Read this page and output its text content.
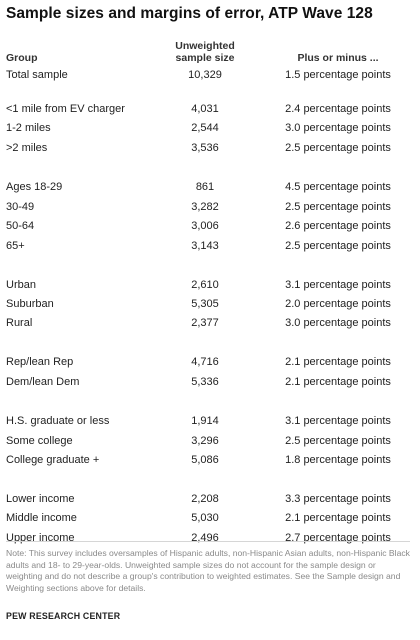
Sample sizes and margins of error, ATP Wave 128
Group
Unweighted
sample size	Plus or minus ...
Total sample	10,329	1.5 percentage points
<1 mile from EV charger	4,031	2.4 percentage points
1-2 miles	2,544	3.0 percentage points
>2 miles	3,536	2.5 percentage points
Ages 18-29	861	4.5 percentage points
30-49	3,282	2.5 percentage points
50-64	3,006	2.6 percentage points
65+	3,143	2.5 percentage points
Urban	2,610	3.1 percentage points
Suburban	5,305	2.0 percentage points
Rural	2,377	3.0 percentage points
Rep/lean Rep	4,716	2.1 percentage points
Dem/lean Dem	5,336	2.1 percentage points
H.S. graduate or less	1,914	3.1 percentage points
Some college	3,296	2.5 percentage points
College graduate +	5,086	1.8 percentage points
Lower income	2,208	3.3 percentage points
Middle income	5,030	2.1 percentage points
Upper income	2,496	2.7 percentage points
Note: This survey includes oversamples of Hispanic adults, non-Hispanic Asian adults, non-Hispanic Black adults and 18- to 29-year-olds. Unweighted sample sizes do not account for the sample design or weighting and do not describe a group's contribution to weighted estimates. See the Sample design and Weighting sections above for details.
PEW RESEARCH CENTER
